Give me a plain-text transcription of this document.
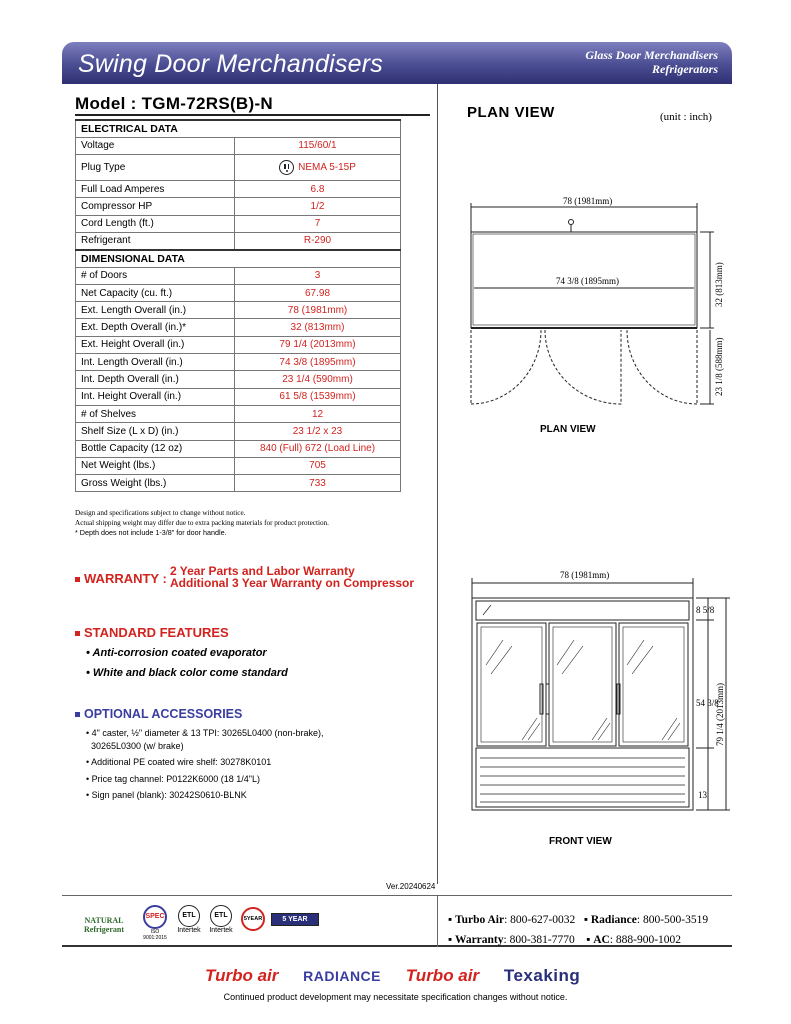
Swing Door Merchandisers	Glass Door Merchandisers
Refrigerators
Model : TGM-72RS(B)-N
ELECTRICAL DATA	
Voltage	115/60/1
Plug Type	NEMA 5-15P
Full Load Amperes	6.8
Compressor HP	1/2
Cord Length (ft.)	7
Refrigerant	R-290
DIMENSIONAL DATA	
# of Doors	3
Net Capacity (cu. ft.)	67.98
Ext. Length Overall (in.)	78 (1981mm)
Ext. Depth Overall (in.)*	32 (813mm)
Ext. Height Overall (in.)	79 1/4 (2013mm)
Int. Length Overall (in.)	74 3/8 (1895mm)
Int. Depth Overall (in.)	23 1/4 (590mm)
Int. Height Overall (in.)	61 5/8 (1539mm)
# of Shelves	12
Shelf Size (L x D) (in.)	23 1/2 x 23
Bottle Capacity (12 oz)	840 (Full) 672 (Load Line)
Net Weight (lbs.)	705
Gross Weight (lbs.)	733
Design and specifications subject to change without notice.
Actual shipping weight may differ due to extra packing materials for product protection.
* Depth does not include 1-3/8" for door handle.
WARRANTY : 2 Year Parts and Labor Warranty
Additional 3 Year Warranty on Compressor
STANDARD FEATURES
• Anti-corrosion coated evaporator
• White and black color come standard
OPTIONAL ACCESSORIES
• 4" caster, ½" diameter & 13 TPI: 30265L0400 (non-brake),
30265L0300 (w/ brake)
• Additional PE coated wire shelf: 30278K0101
• Price tag channel: P0122K6000 (18 1/4"L)
• Sign panel (blank): 30242S0610-BLNK
PLAN VIEW	(unit : inch)
78 (1981mm)
74 3/8 (1895mm)	32 (813mm)
23 1/8 (588mm)
78 (1981mm)
8 5/8
54 3/8
79 1/4 (2013mm)
13
PLAN VIEW
FRONT VIEW
Ver.20240624
NATURAL Refrigerant
SPEC
ISO 9001:2015
ETL
Intertek
ETL
Intertek
5YEAR	5 YEAR	▪ Turbo Air: 800-627-0032 ▪ Radiance: 800-500-3519
▪ Warranty: 800-381-7770 ▪ AC: 888-900-1002
Turbo air RADIANCE Turbo air Texaking
Continued product development may necessitate specification changes without notice.
